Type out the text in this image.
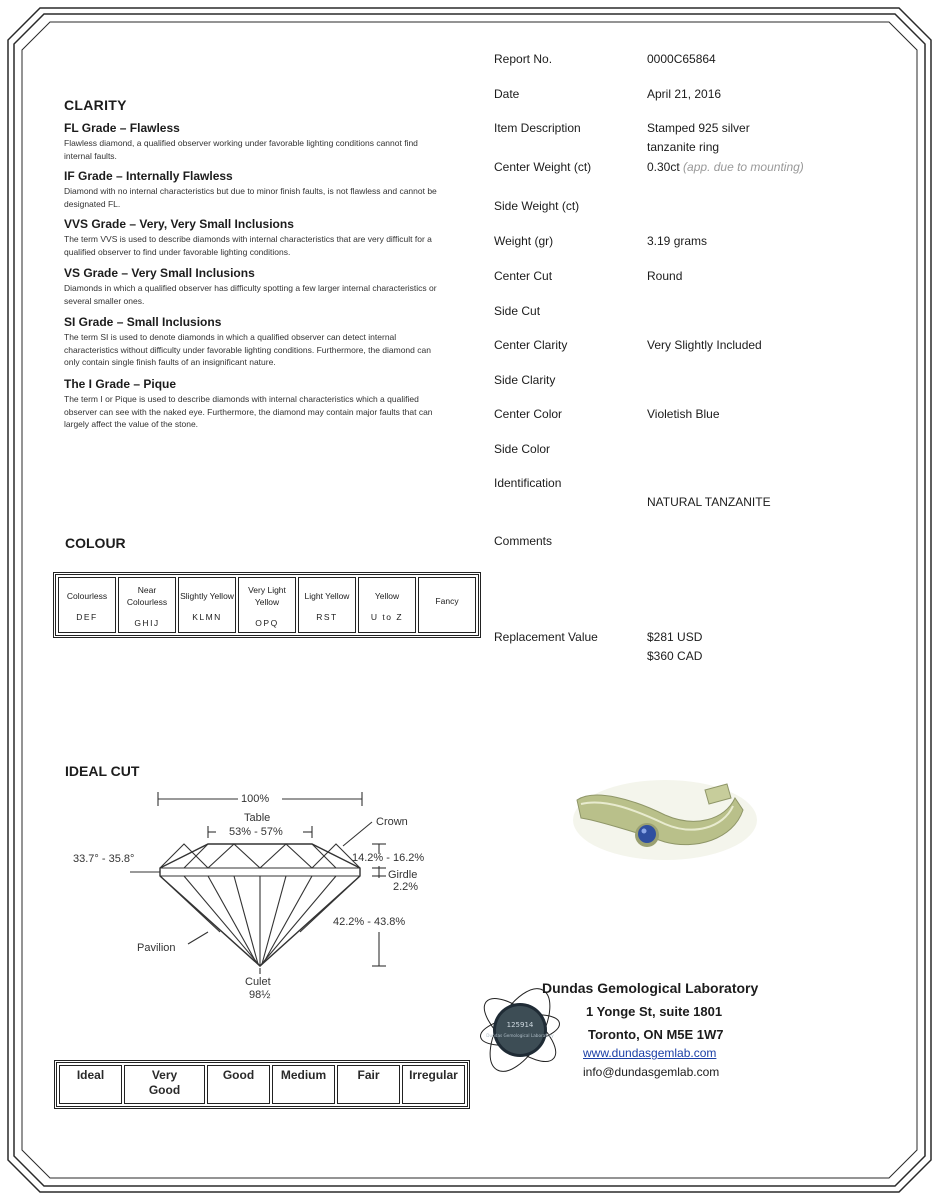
CLARITY

FL Grade – Flawless

Flawless diamond, a qualified observer working under favorable lighting conditions cannot find internal faults.

IF Grade – Internally Flawless

Diamond with no internal characteristics but due to minor finish faults, is not flawless and cannot be designated FL.

VVS Grade – Very, Very Small Inclusions

The term VVS is used to describe diamonds with internal characteristics that are very difficult for a qualified observer to find under favorable lighting conditions.

VS Grade – Very Small Inclusions

Diamonds in which a qualified observer has difficulty spotting a few larger internal characteristics or several smaller ones.

SI Grade – Small Inclusions

The term SI is used to denote diamonds in which a qualified observer can detect internal characteristics without difficulty under favorable lighting conditions. Furthermore, the diamond can only contain single finish faults of an insignificant nature.

The I Grade – Pique

The term I or Pique is used to describe diamonds with internal characteristics which a qualified observer can see with the naked eye. Furthermore, the diamond may contain major faults that can largely affect the value of the stone.

Report No.	0000C65864
Date	April 21, 2016
Item Description	Stamped 925 silver
tanzanite ring
Center Weight (ct)	0.30ct (app. due to mounting)
Side Weight (ct)
Weight (gr)	3.19 grams
Center Cut	Round
Side Cut
Center Clarity	Very Slightly Included
Side Clarity
Center Color	Violetish Blue
Side Color
Identification
NATURAL TANZANITE
Comments
Replacement Value	$281 USD
$360 CAD
COLOUR
Colourless
DEF

Near Colourless
GHIJ

Slightly Yellow
KLMN

Very Light Yellow
OPQ

Light Yellow
RST

Yellow
U to Z

Fancy
IDEAL CUT
100%
Table
53% - 57%
Crown
33.7° - 35.8°	14.2% - 16.2%
Girdle
2.2%
42.2% - 43.8%
Pavilion
Culet
98½
Ideal	Very Good	Good	Medium	Fair	Irregular
125914
Dundas Gemological Laboratory
Dundas Gemological Laboratory
1 Yonge St, suite 1801
Toronto, ON M5E 1W7
www.dundasgemlab.com
info@dundasgemlab.com
